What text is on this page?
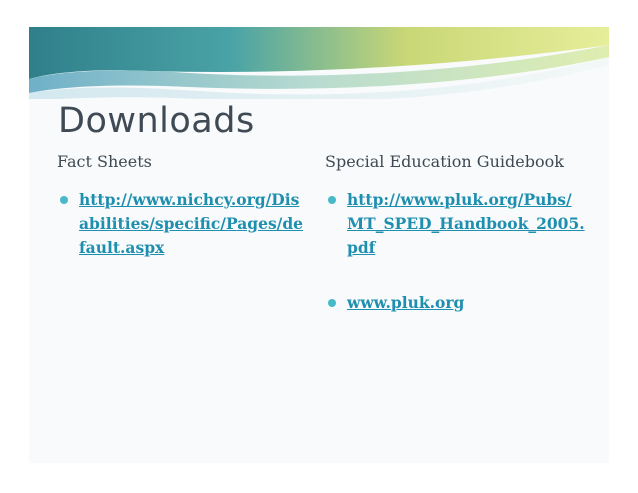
Downloads
Fact Sheets	Special Education Guidebook
http://www.nichcy.org/Disabilities/specific/Pages/default.aspx
http://www.pluk.org/Pubs/MT_SPED_Handbook_2005.pdf
www.pluk.org
